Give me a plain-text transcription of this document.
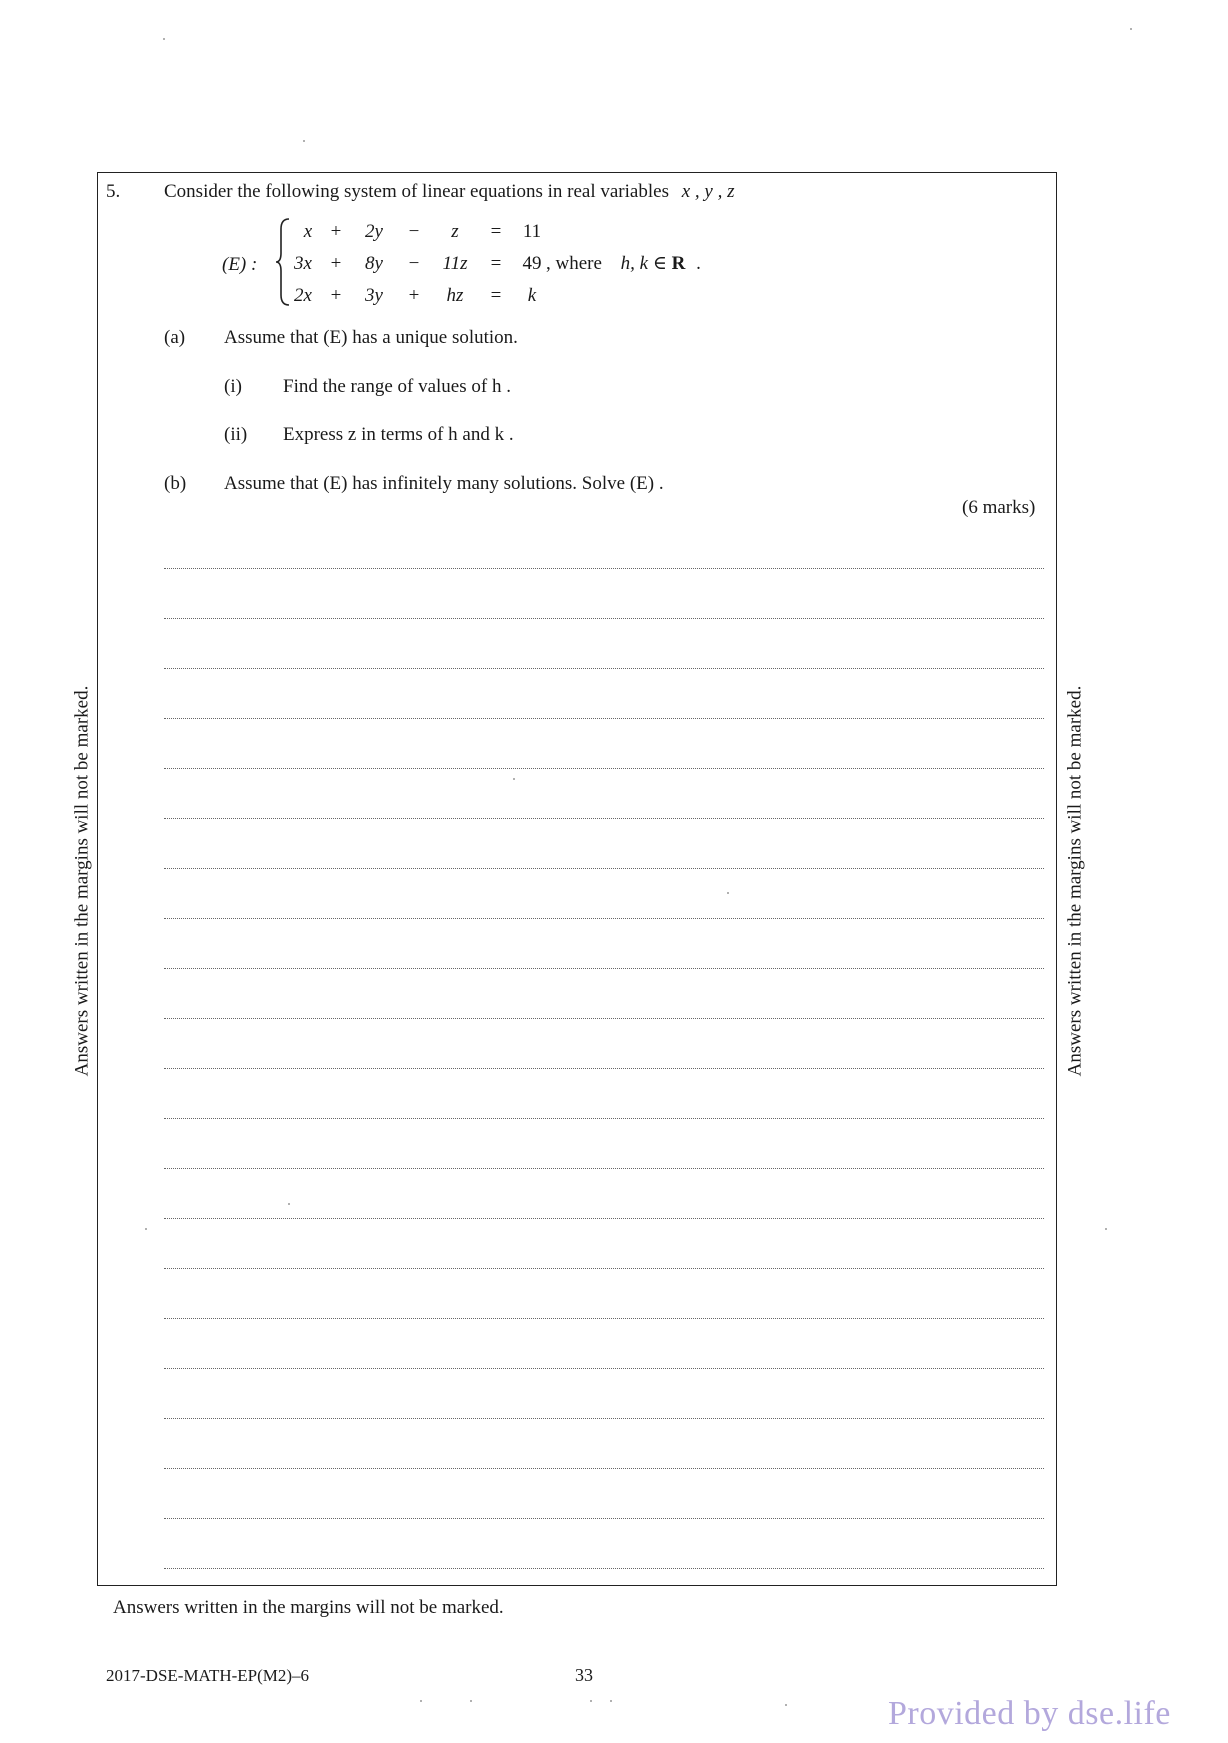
5. Consider the following system of linear equations in real variables x , y , z
(E) :
x +	2y	−	z	=	11
3x +	8y	−	11z	=	49
2x +	3y	+	hz	=	k
, where h, k ∈ R .
(a) Assume that (E) has a unique solution.
(i) Find the range of values of h .
(ii) Express z in terms of h and k .
(b) Assume that (E) has infinitely many solutions. Solve (E) .
(6 marks)
Answers written in the margins will not be marked.	Answers written in the margins will not be marked.
Answers written in the margins will not be marked.
2017-DSE-MATH-EP(M2)–6	33
Provided by dse.life
